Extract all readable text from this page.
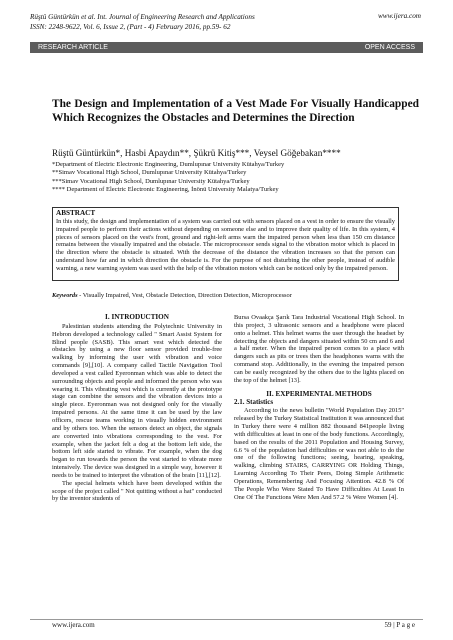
Rüştü Güntürkün et al. Int. Journal of Engineering Research and Applications
ISSN: 2248-9622, Vol. 6, Issue 2, (Part - 4) February 2016, pp.59- 62
www.ijera.com
RESEARCH ARTICLE	OPEN ACCESS
The Design and Implementation of a Vest Made For Visually Handicapped Which Recognizes the Obstacles and Determines the Direction
Rüştü Güntürkün*, Hasbi Apaydın**, Şükrü Kitiş***, Veysel Göğebakan****
*Department of Electric Electronic Engineering, Dumlupınar University Kütahya/Turkey
**Simav Vocational High School, Dumlupınar University Kütahya/Turkey
***Simav Vocational High School, Dumlupınar University Kütahya/Turkey
**** Department of Electric Electronic Engineering, İnönü University Malatya/Turkey
ABSTRACT
In this study, the design and implementation of a system was carried out with sensors placed on a vest in order to ensure the visually impaired people to perform their actions without depending on someone else and to improve their quality of life. In this system, 4 pieces of sensors placed on the vest's front, ground and right-left arms warn the impaired person when less than 150 cm distance remains between the visually impaired and the obstacle. The microprocessor sends signal to the vibration motor which is placed in the direction where the obstacle is situated. With the decrease of the distance the vibration increases so that the person can understand how far and in which direction the obstacle is. For the purpose of not disturbing the other people, instead of audible warning, a new warning system was used with the help of the vibration motors which can be noticed only by the impaired person.
Keywords - Visually Impaired, Vest, Obstacle Detection, Direction Detection, Microprocessor
I. INTRODUCTION

Palestinian students attending the Polytechnic University in Hebron developed a technology called " Smart Assist System for Blind people (SASB). This smart vest which detected the obstacles by using a new floor sensor provided trouble-free walking by informing the user with vibration and voice commands [9],[10]. A company called Tactile Navigation Tool developed a vest called Eyeronman which was able to detect the surrounding objects and people and informed the person who was wearing it. This vibrating vest which is currently at the prototype stage can combine the sensors and the vibration devices into a single piece. Eyeronman was not designed only for the visually impaired persons. At the same time it can be used by the law officers, rescue teams working in visually hidden environment and by others too. When the sensors detect an object, the signals are converted into vibrations corresponding to the vest. For example, when the jacket felt a dog at the bottom left side, the bottom left side started to vibrate. For example, when the dog began to run towards the person the vest started to vibrate more intensively. The device was designed in a simple way, however it needs to be trained to interpret the vibration of the brain [11],[12].

The special helmets which have been developed within the scope of the project called " Not quitting without a hat" conducted by the inventor students of

Bursa Ovaakça Şarık Tara Industrial Vocational High School. In this project, 3 ultrasonic sensors and a headphone were placed onto a helmet. This helmet warns the user through the headset by detecting the objects and dangers situated within 50 cm and 6 and a half meter. When the impaired person comes to a place with dangers such as pits or trees then the headphones warns with the command stop. Additionally, in the evening the impaired person can be easily recognized by the others due to the lights placed on the top of the helmet [13].

II. EXPERIMENTAL METHODS
2.1. Statistics

According to the news bulletin "World Population Day 2015" released by the Turkey Statistical Institution it was announced that in Turkey there were 4 million 882 thousand 841people living with difficulties at least in one of the body functions. Accordingly, based on the results of the 2011 Population and Housing Survey, 6.6 % of the population had difficulties or was not able to do the one of the following functions; seeing, hearing, speaking, walking, climbing STAIRS, CARRYING OR Holding Things, Learning According To Their Peers, Doing Simple Arithmetic Operations, Remembering And Focusing Attention. 42.8 % Of The People Who Were Stated To Have Difficulties At Least In One Of The Functions Were Men And 57.2 % Were Women [4].

www.ijera.com	59 | P a g e
